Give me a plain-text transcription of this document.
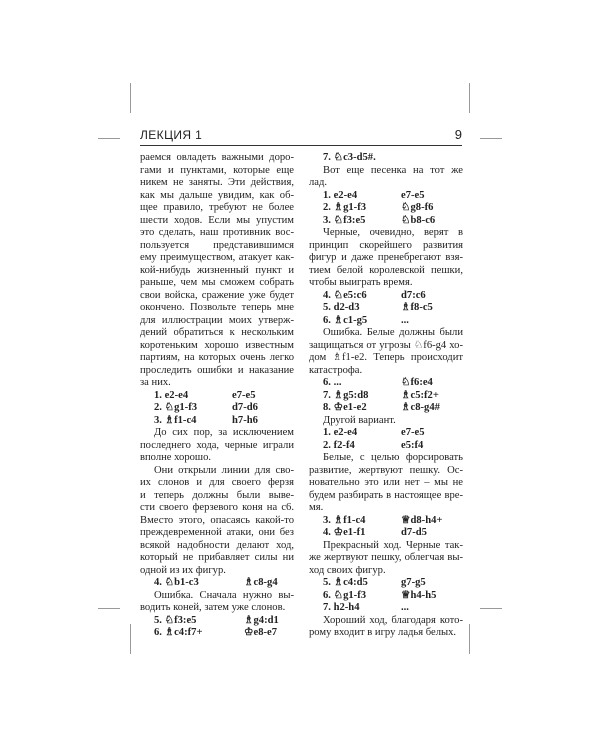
ЛЕКЦИЯ 1	9
раемся овладеть важными доро-
гами и пунктами, которые еще
никем не заняты. Эти действия,
как мы дальше увидим, как об-
щее правило, требуют не более
шести ходов. Если мы упустим
это сделать, наш противник вос-
пользуется представившимся
ему преимуществом, атакует как-
кой-нибудь жизненный пункт и
раньше, чем мы сможем собрать
свои войска, сражение уже будет
окончено. Позвольте теперь мне
для иллюстрации моих утверж-
дений обратиться к нескольким
коротеньким хорошо известным
партиям, на которых очень легко
проследить ошибки и наказание
за них.
1. e2-e4	e7-e5
2. ♘g1-f3	d7-d6
3. ♗f1-c4	h7-h6
До сих пор, за исключением
последнего хода, черные играли
вполне хорошо.
Они открыли линии для сво-
их слонов и для своего ферзя
и теперь должны были выве-
сти своего ферзевого коня на c6.
Вместо этого, опасаясь какой-то
преждевременной атаки, они без
всякой надобности делают ход,
который не прибавляет силы ни
одной из их фигур.
4. ♘b1-c3	♗c8-g4
Ошибка. Сначала нужно вы-
водить коней, затем уже слонов.
5. ♘f3:e5	♗g4:d1
6. ♗c4:f7+	♔e8-e7
7. ♘c3-d5#.
Вот еще песенка на тот же
лад.
1. e2-e4	e7-e5
2. ♗g1-f3	♘g8-f6
3. ♘f3:e5	♘b8-c6
Черные, очевидно, верят в
принцип скорейшего развития
фигур и даже пренебрегают взя-
тием белой королевской пешки,
чтобы выиграть время.
4. ♘e5:c6	d7:c6
5. d2-d3	♗f8-c5
6. ♗c1-g5	...
Ошибка. Белые должны были
защищаться от угрозы ♘f6-g4 хо-
дом ♗f1-e2. Теперь происходит
катастрофа.
6. ...	♘f6:e4
7. ♗g5:d8	♗c5:f2+
8. ♔e1-e2	♗c8-g4#
Другой вариант.
1. e2-e4	e7-e5
2. f2-f4	e5:f4
Белые, с целью форсировать
развитие, жертвуют пешку. Ос-
новательно это или нет – мы не
будем разбирать в настоящее вре-
мя.
3. ♗f1-c4	♕d8-h4+
4. ♔e1-f1	d7-d5
Прекрасный ход. Черные так-
же жертвуют пешку, облегчая вы-
ход своих фигур.
5. ♗c4:d5	g7-g5
6. ♘g1-f3	♕h4-h5
7. h2-h4	...
Хороший ход, благодаря кото-
рому входит в игру ладья белых.
